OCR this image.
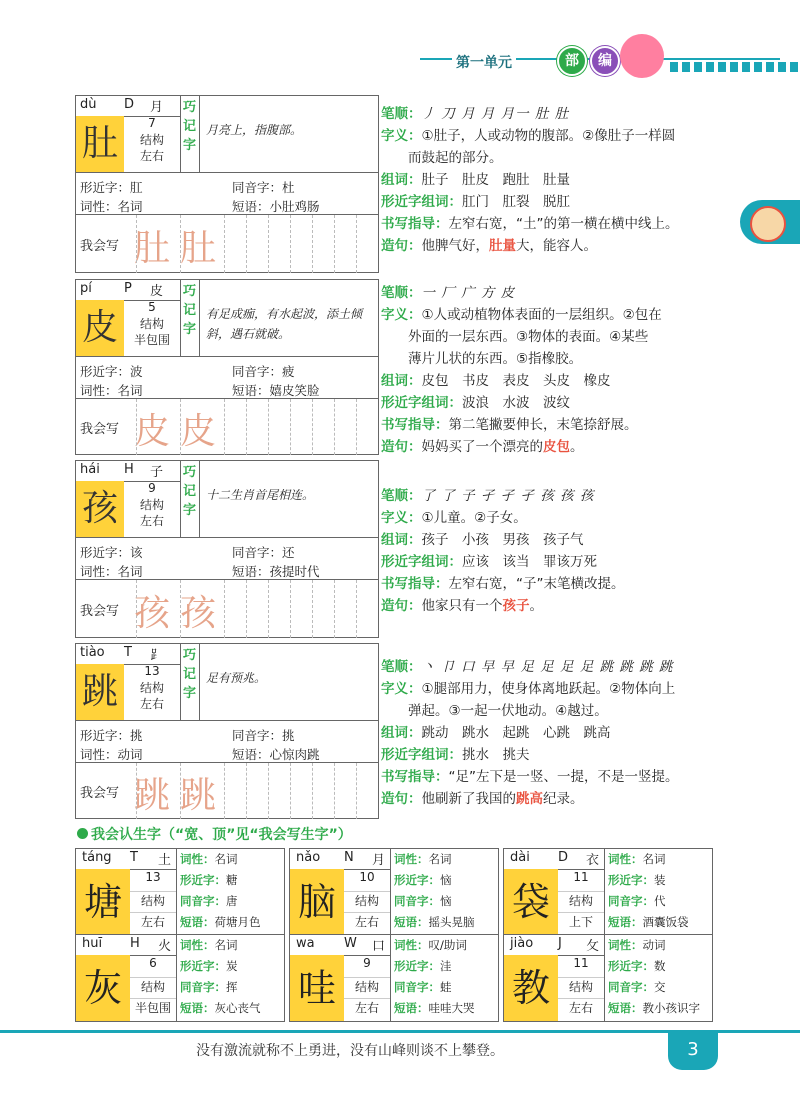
第一单元	部	编
dù D 月
肚	7
结构
左右
巧
记
字
月亮上，指腹部。
形近字：肛	同音字：杜
词性：名词	短语：小肚鸡肠
我会写 肚 肚
pí P 皮
皮	5
结构
半包围
巧
记
字
有足成痂，有水起波，添土倾斜，遇石就破。
形近字：波	同音字：疲
词性：名词	短语：嬉皮笑脸
我会写 皮 皮
hái H 子
孩	9
结构
左右
巧
记
字
十二生肖首尾相连。
形近字：该	同音字：还
词性：名词	短语：孩提时代
我会写 孩 孩
tiào T ⻊
跳	13
结构
左右
巧
记
字
足有预兆。
形近字：挑	同音字：挑
词性：动词	短语：心惊肉跳
我会写 跳 跳
笔顺：丿 刀 月 月 月一 肚 肚
字义：①肚子，人或动物的腹部。②像肚子一样圆
　　而鼓起的部分。
组词：肚子　肚皮　跑肚　肚量
形近字组词：肛门　肛裂　脱肛
书写指导：左窄右宽，“土”的第一横在横中线上。
造句：他脾气好，肚量大，能容人。
笔顺：一 厂 广 方 皮
字义：①人或动植物体表面的一层组织。②包在
　　外面的一层东西。③物体的表面。④某些
　　薄片儿状的东西。⑤指橡胶。
组词：皮包　书皮　表皮　头皮　橡皮
形近字组词：波浪　水波　波纹
书写指导：第二笔撇要伸长，末笔捺舒展。
造句：妈妈买了一个漂亮的皮包。
笔顺：了 了 子 孑 孑 孑 孩 孩 孩
字义：①儿童。②子女。
组词：孩子　小孩　男孩　孩子气
形近字组词：应该　该当　罪该万死
书写指导：左窄右宽，“子”末笔横改提。
造句：他家只有一个孩子。
笔顺：丶 卩 口 早 早 足 足 足 足 跳 跳 跳 跳
字义：①腿部用力，使身体离地跃起。②物体向上
　　弹起。③一起一伏地动。④越过。
组词：跳动　跳水　起跳　心跳　跳高
形近字组词：挑水　挑夫
书写指导：“足”左下是一竖、一提，不是一竖提。
造句：他刷新了我国的跳高纪录。
我会认生字（“宽、顶”见“我会写生字”）
táng T 土
塘
13
结构
左右
词性：名词
形近字：糖
同音字：唐
短语：荷塘月色
nǎo N 月
脑
10
结构
左右
词性：名词
形近字：恼
同音字：恼
短语：摇头晃脑
dài D 衣
袋
11
结构
上下
词性：名词
形近字：装
同音字：代
短语：酒囊饭袋
huī H 火
灰
6
结构
半包围
词性：名词
形近字：炭
同音字：挥
短语：灰心丧气
wa W 口
哇
9
结构
左右
词性：叹/助词
形近字：洼
同音字：蛙
短语：哇哇大哭
jiào J 攵
教
11
结构
左右
词性：动词
形近字：数
同音字：交
短语：教小孩识字
没有激流就称不上勇进，没有山峰则谈不上攀登。	3
